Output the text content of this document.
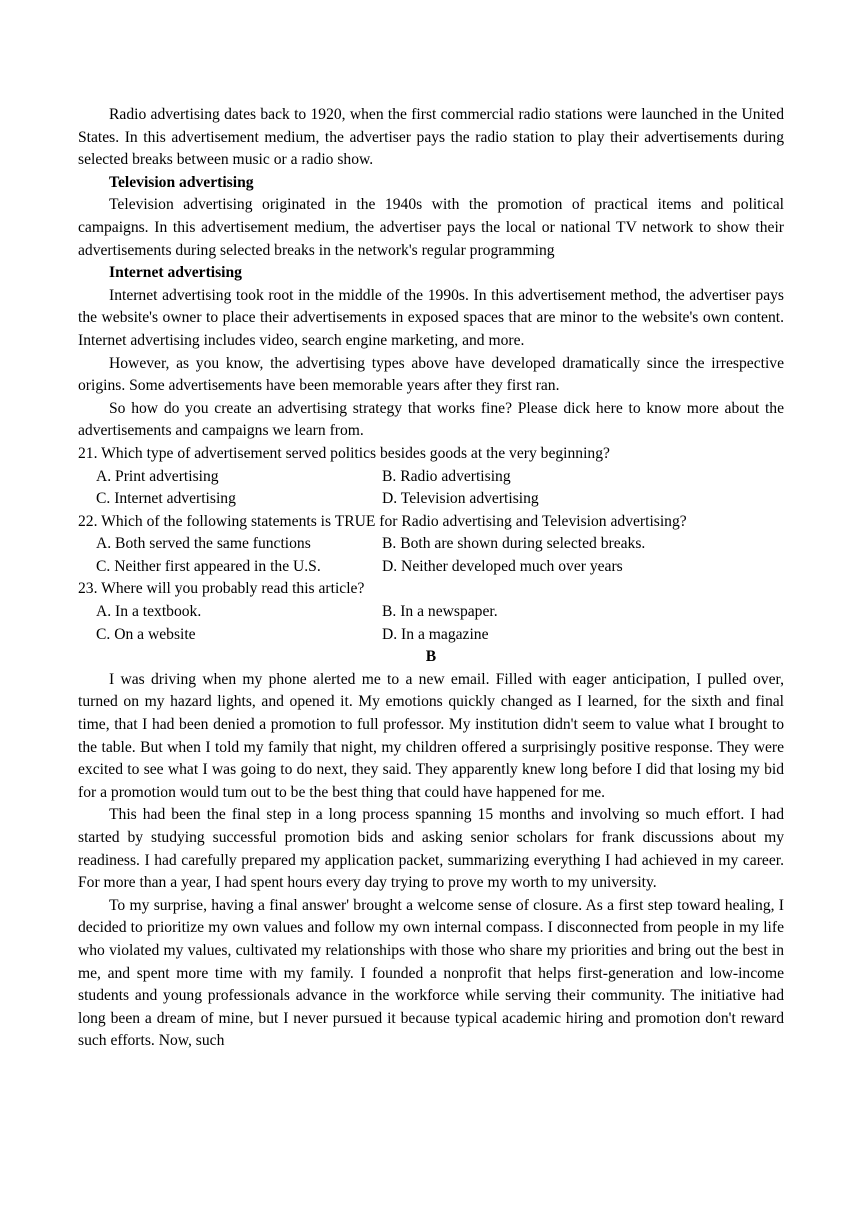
Radio advertising dates back to 1920, when the first commercial radio stations were launched in the United States. In this advertisement medium, the advertiser pays the radio station to play their advertisements during selected breaks between music or a radio show.

Television advertising

Television advertising originated in the 1940s with the promotion of practical items and political campaigns. In this advertisement medium, the advertiser pays the local or national TV network to show their advertisements during selected breaks in the network's regular programming

Internet advertising

Internet advertising took root in the middle of the 1990s. In this advertisement method, the advertiser pays the website's owner to place their advertisements in exposed spaces that are minor to the website's own content. Internet advertising includes video, search engine marketing, and more.

However, as you know, the advertising types above have developed dramatically since the irrespective origins. Some advertisements have been memorable years after they first ran.

So how do you create an advertising strategy that works fine? Please dick here to know more about the advertisements and campaigns we learn from.

21. Which type of advertisement served politics besides goods at the very beginning?

A. Print advertising	B. Radio advertising
C. Internet advertising	D. Television advertising

22. Which of the following statements is TRUE for Radio advertising and Television advertising?

A. Both served the same functions	B. Both are shown during selected breaks.
C. Neither first appeared in the U.S.	D. Neither developed much over years

23. Where will you probably read this article?

A. In a textbook.	B. In a newspaper.
C. On a website	D. In a magazine

B

I was driving when my phone alerted me to a new email. Filled with eager anticipation, I pulled over, turned on my hazard lights, and opened it. My emotions quickly changed as I learned, for the sixth and final time, that I had been denied a promotion to full professor. My institution didn't seem to value what I brought to the table. But when I told my family that night, my children offered a surprisingly positive response. They were excited to see what I was going to do next, they said. They apparently knew long before I did that losing my bid for a promotion would tum out to be the best thing that could have happened for me.

This had been the final step in a long process spanning 15 months and involving so much effort. I had started by studying successful promotion bids and asking senior scholars for frank discussions about my readiness. I had carefully prepared my application packet, summarizing everything I had achieved in my career. For more than a year, I had spent hours every day trying to prove my worth to my university.

To my surprise, having a final answer' brought a welcome sense of closure. As a first step toward healing, I decided to prioritize my own values and follow my own internal compass. I disconnected from people in my life who violated my values, cultivated my relationships with those who share my priorities and bring out the best in me, and spent more time with my family. I founded a nonprofit that helps first-generation and low-income students and young professionals advance in the workforce while serving their community. The initiative had long been a dream of mine, but I never pursued it because typical academic hiring and promotion don't reward such efforts. Now, such
